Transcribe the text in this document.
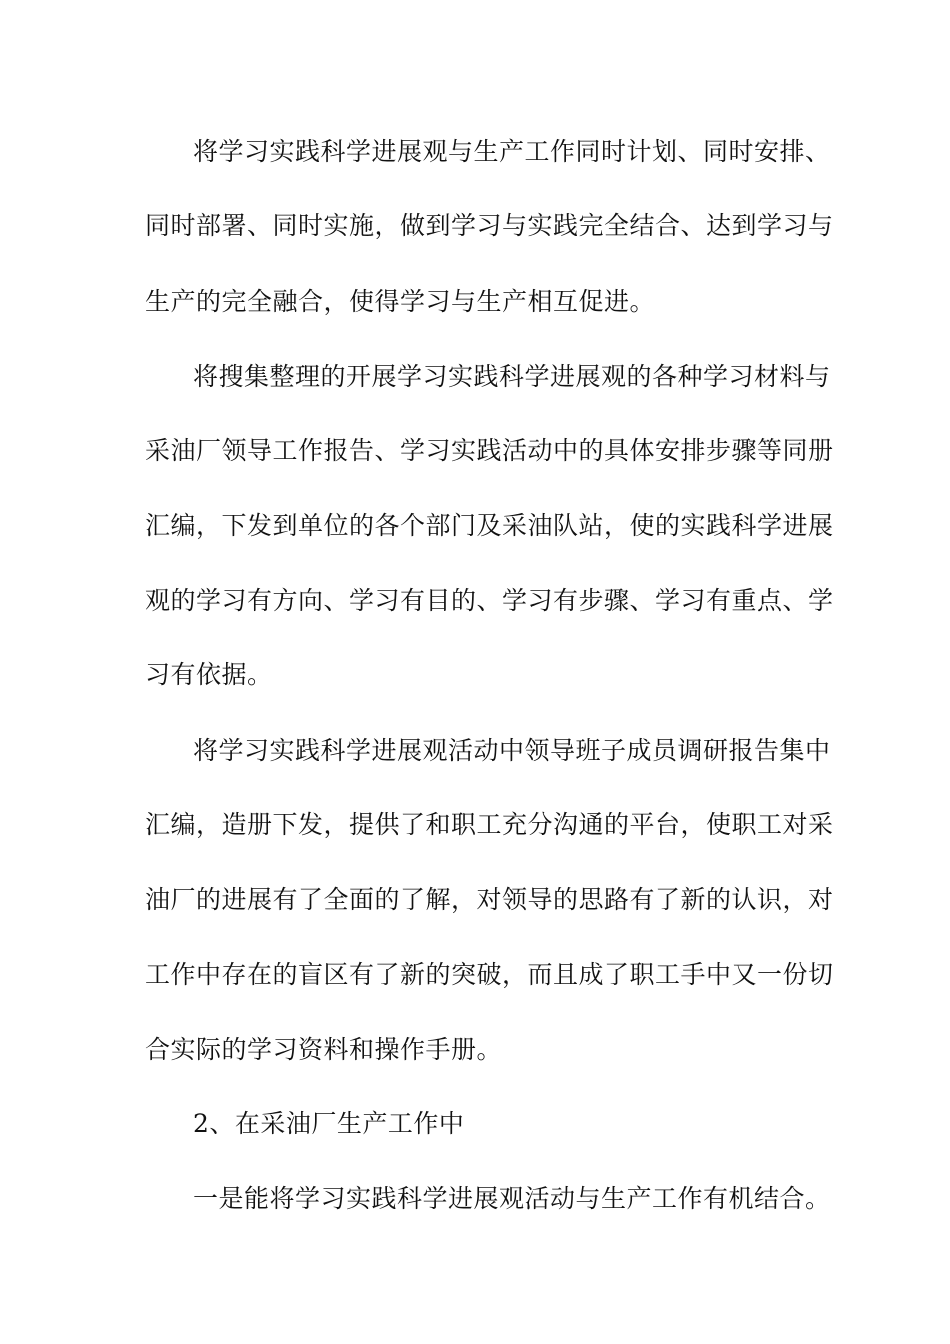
将学习实践科学进展观与生产工作同时计划、同时安排、
同时部署、同时实施，做到学习与实践完全结合、达到学习与
生产的完全融合，使得学习与生产相互促进。
将搜集整理的开展学习实践科学进展观的各种学习材料与
采油厂领导工作报告、学习实践活动中的具体安排步骤等同册
汇编，下发到单位的各个部门及采油队站，使的实践科学进展
观的学习有方向、学习有目的、学习有步骤、学习有重点、学
习有依据。
将学习实践科学进展观活动中领导班子成员调研报告集中
汇编，造册下发，提供了和职工充分沟通的平台，使职工对采
油厂的进展有了全面的了解，对领导的思路有了新的认识，对
工作中存在的盲区有了新的突破，而且成了职工手中又一份切
合实际的学习资料和操作手册。
2、在采油厂生产工作中
一是能将学习实践科学进展观活动与生产工作有机结合。
